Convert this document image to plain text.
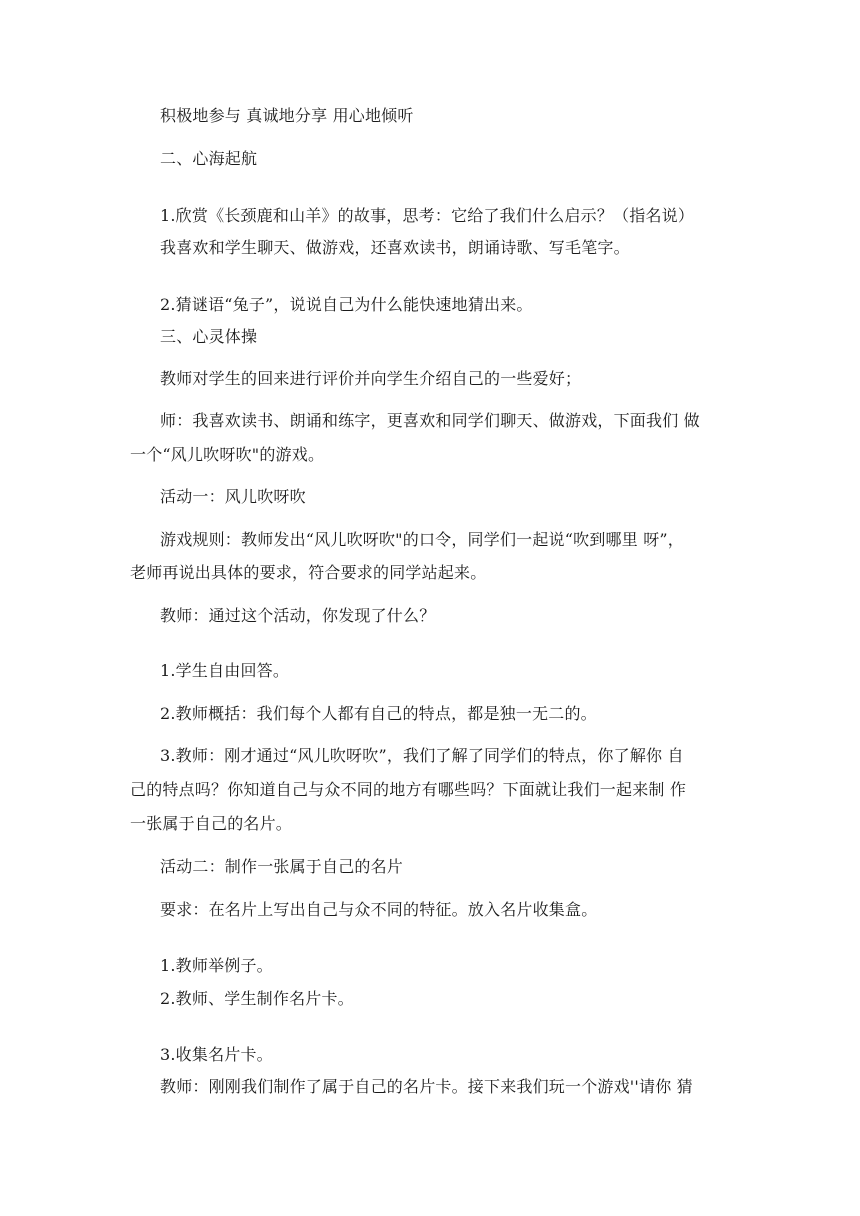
积极地参与 真诚地分享 用心地倾听
二、心海起航
1.欣赏《长颈鹿和山羊》的故事，思考：它给了我们什么启示？（指名说）
我喜欢和学生聊天、做游戏，还喜欢读书，朗诵诗歌、写毛笔字。
2.猜谜语“兔子”，说说自己为什么能快速地猜出来。
三、心灵体操
教师对学生的回来进行评价并向学生介绍自己的一些爱好；
师：我喜欢读书、朗诵和练字，更喜欢和同学们聊天、做游戏，下面我们 做
一个“风儿吹呀吹"的游戏。
活动一：风儿吹呀吹
游戏规则：教师发出“风儿吹呀吹"的口令，同学们一起说“吹到哪里 呀”，
老师再说出具体的要求，符合要求的同学站起来。
教师：通过这个活动，你发现了什么？
1.学生自由回答。
2.教师概括：我们每个人都有自己的特点，都是独一无二的。
3.教师：刚才通过“风儿吹呀吹”，我们了解了同学们的特点，你了解你 自
己的特点吗？你知道自己与众不同的地方有哪些吗？下面就让我们一起来制 作
一张属于自己的名片。
活动二：制作一张属于自己的名片
要求：在名片上写出自己与众不同的特征。放入名片收集盒。
1.教师举例子。
2.教师、学生制作名片卡。
3.收集名片卡。
教师：刚刚我们制作了属于自己的名片卡。接下来我们玩一个游戏''请你 猜
